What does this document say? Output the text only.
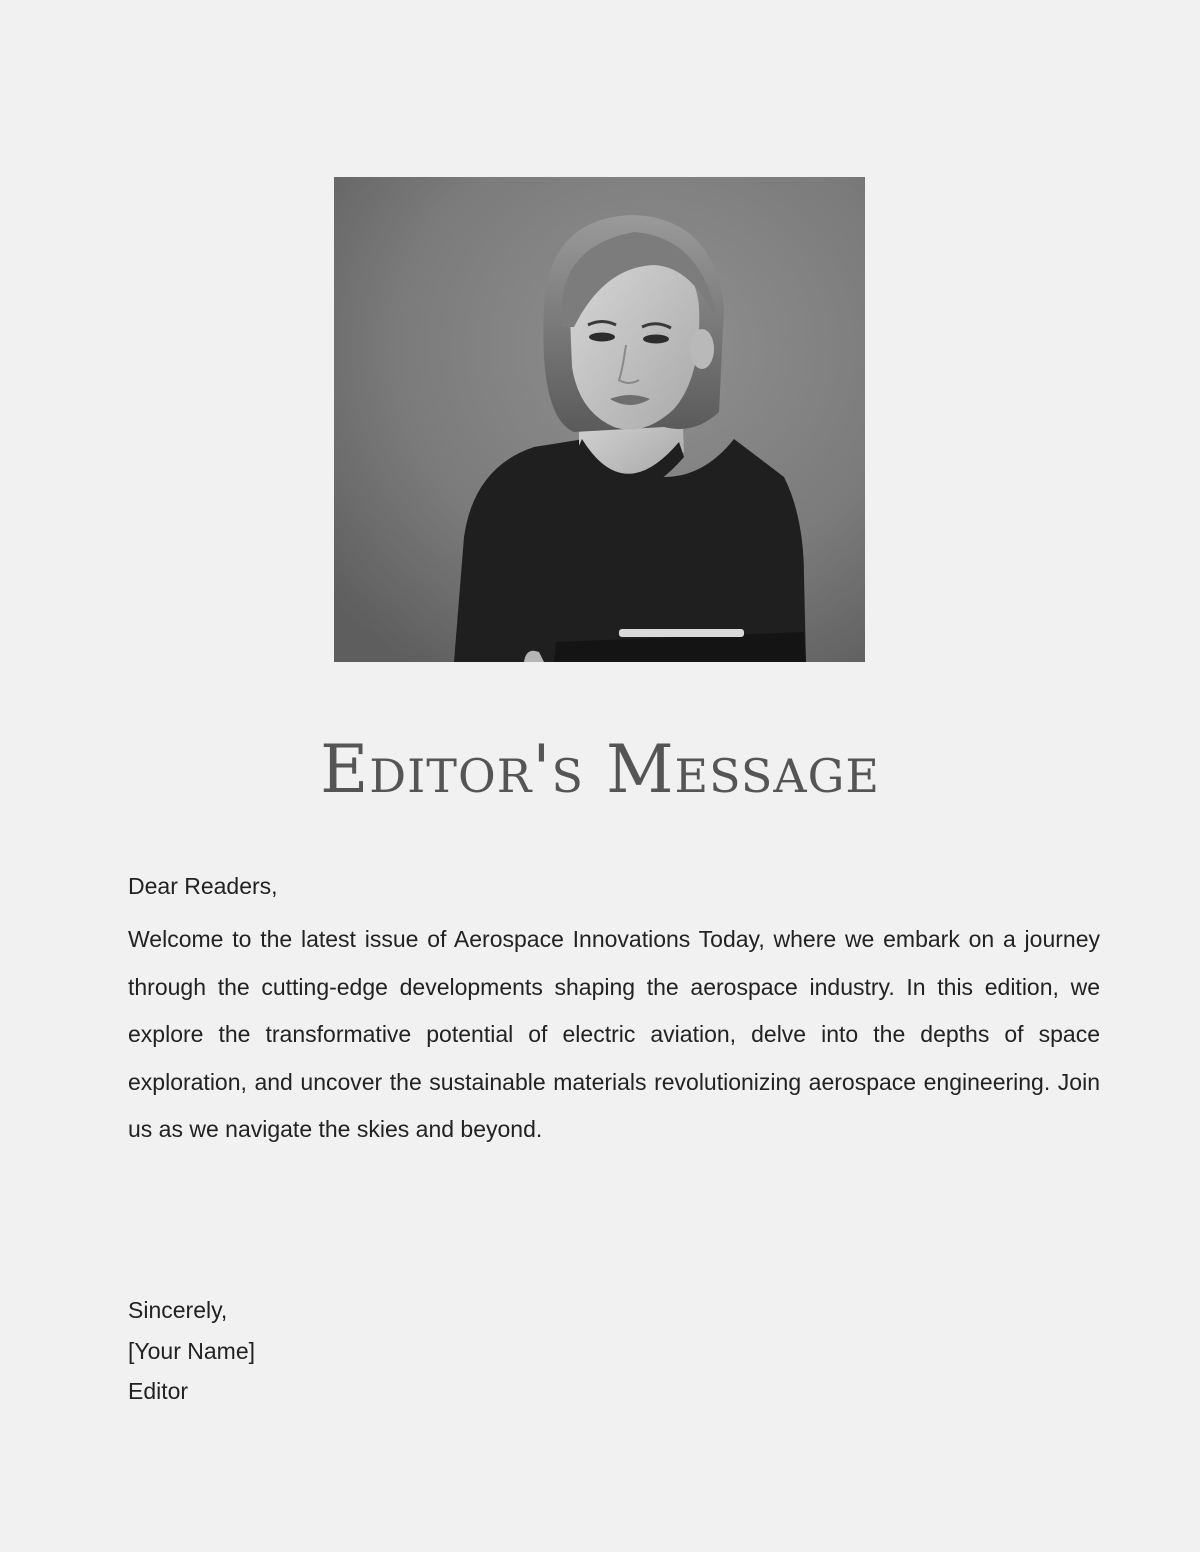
Editor's Message

Dear Readers,

Welcome to the latest issue of Aerospace Innovations Today, where we embark on a journey through the cutting-edge developments shaping the aerospace industry. In this edition, we explore the transformative potential of electric aviation, delve into the depths of space exploration, and uncover the sustainable materials revolutionizing aerospace engineering. Join us as we navigate the skies and beyond.

Sincerely,
[Your Name]
Editor
